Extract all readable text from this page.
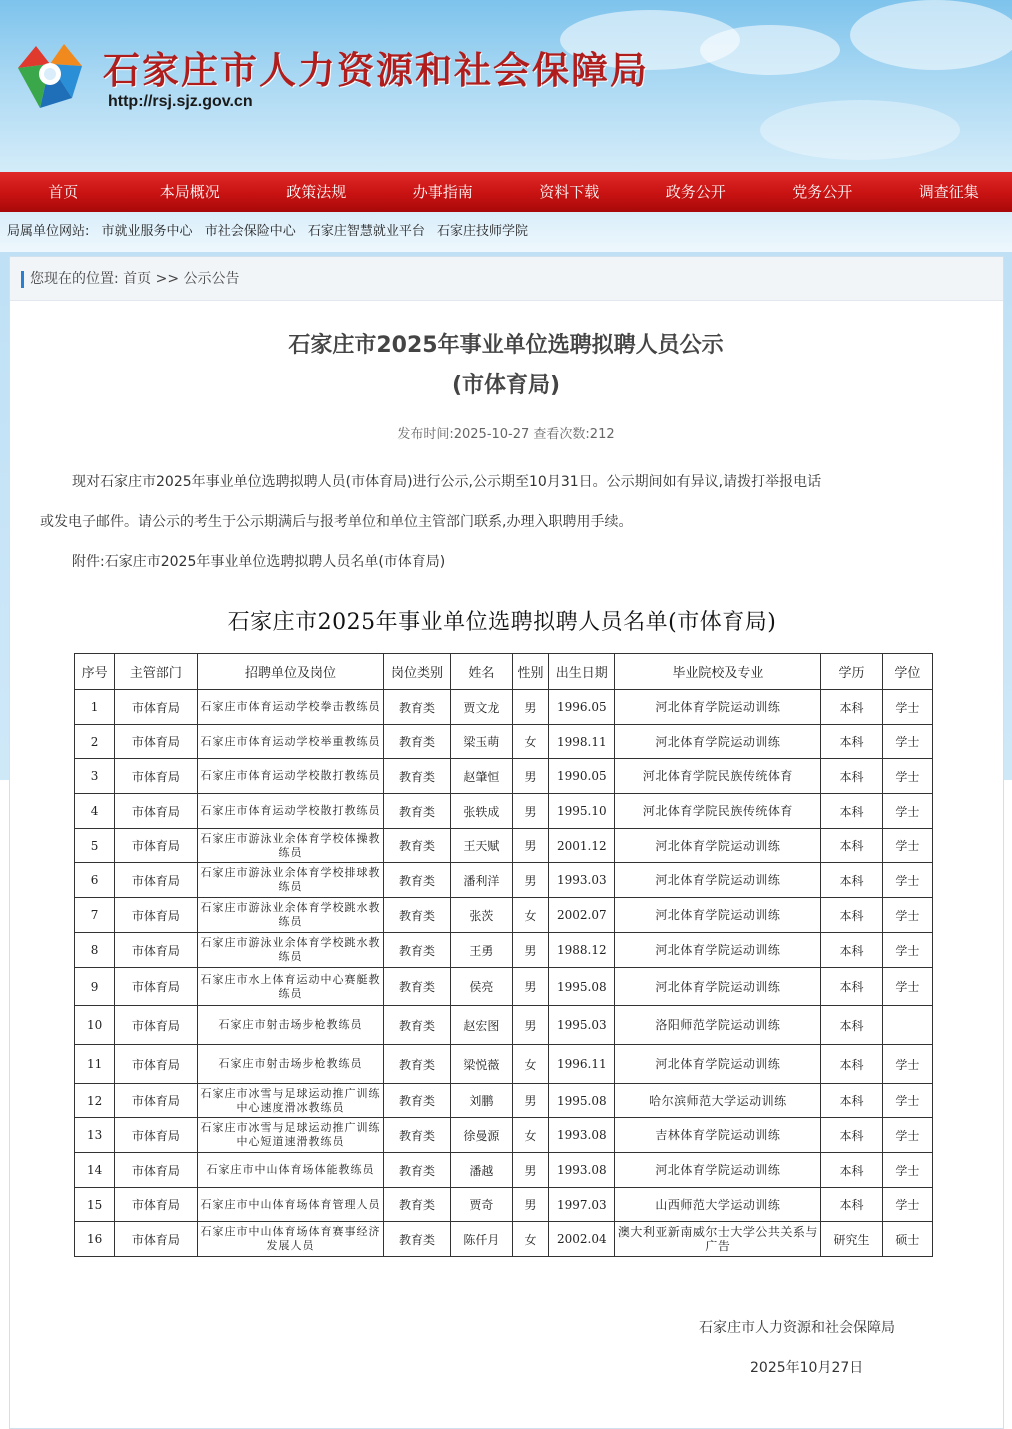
石家庄市人力资源和社会保障局
http://rsj.sjz.gov.cn
首页	本局概况	政策法规	办事指南	资料下载	政务公开	党务公开	调查征集
局属单位网站: 市就业服务中心 市社会保险中心 石家庄智慧就业平台 石家庄技师学院
您现在的位置: 首页 >> 公示公告
石家庄市2025年事业单位选聘拟聘人员公示
(市体育局)
发布时间:2025-10-27 查看次数:212
现对石家庄市2025年事业单位选聘拟聘人员(市体育局)进行公示,公示期至10月31日。公示期间如有异议,请拨打举报电话
或发电子邮件。请公示的考生于公示期满后与报考单位和单位主管部门联系,办理入职聘用手续。
附件:石家庄市2025年事业单位选聘拟聘人员名单(市体育局)
石家庄市2025年事业单位选聘拟聘人员名单(市体育局)
序号	主管部门	招聘单位及岗位	岗位类别	姓名	性别	出生日期	毕业院校及专业	学历	学位
1	市体育局	石家庄市体育运动学校拳击教练员	教育类	贾文龙	男	1996.05	河北体育学院运动训练	本科	学士
2	市体育局	石家庄市体育运动学校举重教练员	教育类	梁玉萌	女	1998.11	河北体育学院运动训练	本科	学士
3	市体育局	石家庄市体育运动学校散打教练员	教育类	赵肇恒	男	1990.05	河北体育学院民族传统体育	本科	学士
4	市体育局	石家庄市体育运动学校散打教练员	教育类	张轶成	男	1995.10	河北体育学院民族传统体育	本科	学士
5	市体育局	石家庄市游泳业余体育学校体操教练员	教育类	王天赋	男	2001.12	河北体育学院运动训练	本科	学士
6	市体育局	石家庄市游泳业余体育学校排球教练员	教育类	潘利洋	男	1993.03	河北体育学院运动训练	本科	学士
7	市体育局	石家庄市游泳业余体育学校跳水教练员	教育类	张茨	女	2002.07	河北体育学院运动训练	本科	学士
8	市体育局	石家庄市游泳业余体育学校跳水教练员	教育类	王勇	男	1988.12	河北体育学院运动训练	本科	学士
9	市体育局	石家庄市水上体育运动中心赛艇教练员	教育类	侯亮	男	1995.08	河北体育学院运动训练	本科	学士
10	市体育局	石家庄市射击场步枪教练员	教育类	赵宏图	男	1995.03	洛阳师范学院运动训练	本科	
11	市体育局	石家庄市射击场步枪教练员	教育类	梁悦薇	女	1996.11	河北体育学院运动训练	本科	学士
12	市体育局	石家庄市冰雪与足球运动推广训练中心速度滑冰教练员	教育类	刘鹏	男	1995.08	哈尔滨师范大学运动训练	本科	学士
13	市体育局	石家庄市冰雪与足球运动推广训练中心短道速滑教练员	教育类	徐曼源	女	1993.08	吉林体育学院运动训练	本科	学士
14	市体育局	石家庄市中山体育场体能教练员	教育类	潘越	男	1993.08	河北体育学院运动训练	本科	学士
15	市体育局	石家庄市中山体育场体育管理人员	教育类	贾奇	男	1997.03	山西师范大学运动训练	本科	学士
16	市体育局	石家庄市中山体育场体育赛事经济发展人员	教育类	陈仟月	女	2002.04	澳大利亚新南威尔士大学公共关系与广告	研究生	硕士
石家庄市人力资源和社会保障局
2025年10月27日
